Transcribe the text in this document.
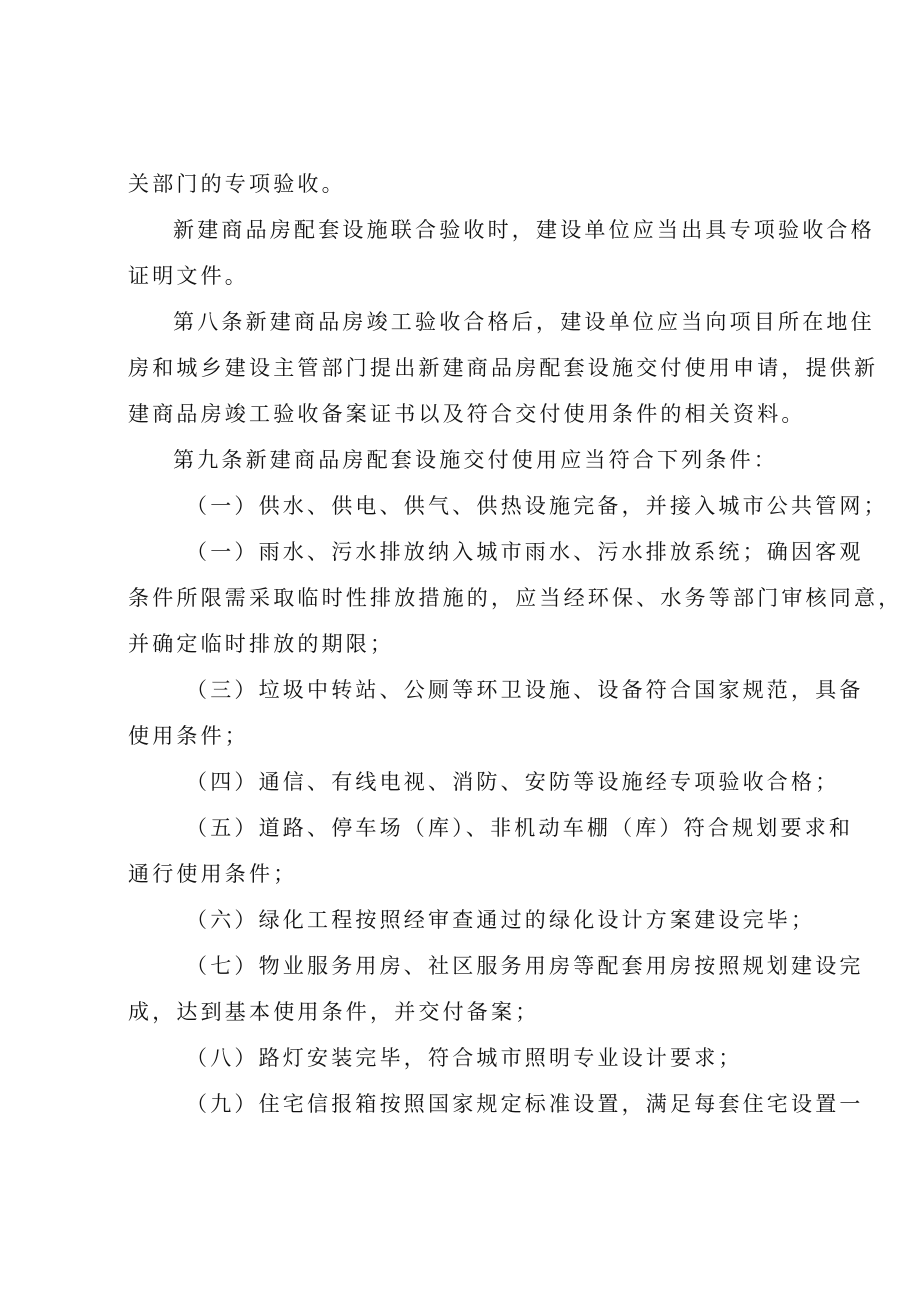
关部门的专项验收。
新建商品房配套设施联合验收时，建设单位应当出具专项验收合格
证明文件。
第八条新建商品房竣工验收合格后，建设单位应当向项目所在地住
房和城乡建设主管部门提出新建商品房配套设施交付使用申请，提供新
建商品房竣工验收备案证书以及符合交付使用条件的相关资料。
第九条新建商品房配套设施交付使用应当符合下列条件：
（一）供水、供电、供气、供热设施完备，并接入城市公共管网；
（一）雨水、污水排放纳入城市雨水、污水排放系统；确因客观
条件所限需采取临时性排放措施的，应当经环保、水务等部门审核同意，
并确定临时排放的期限；
（三）垃圾中转站、公厕等环卫设施、设备符合国家规范，具备
使用条件；
（四）通信、有线电视、消防、安防等设施经专项验收合格；
（五）道路、停车场（库）、非机动车棚（库）符合规划要求和
通行使用条件；
（六）绿化工程按照经审查通过的绿化设计方案建设完毕；
（七）物业服务用房、社区服务用房等配套用房按照规划建设完
成，达到基本使用条件，并交付备案；
（八）路灯安装完毕，符合城市照明专业设计要求；
（九）住宅信报箱按照国家规定标准设置，满足每套住宅设置一
